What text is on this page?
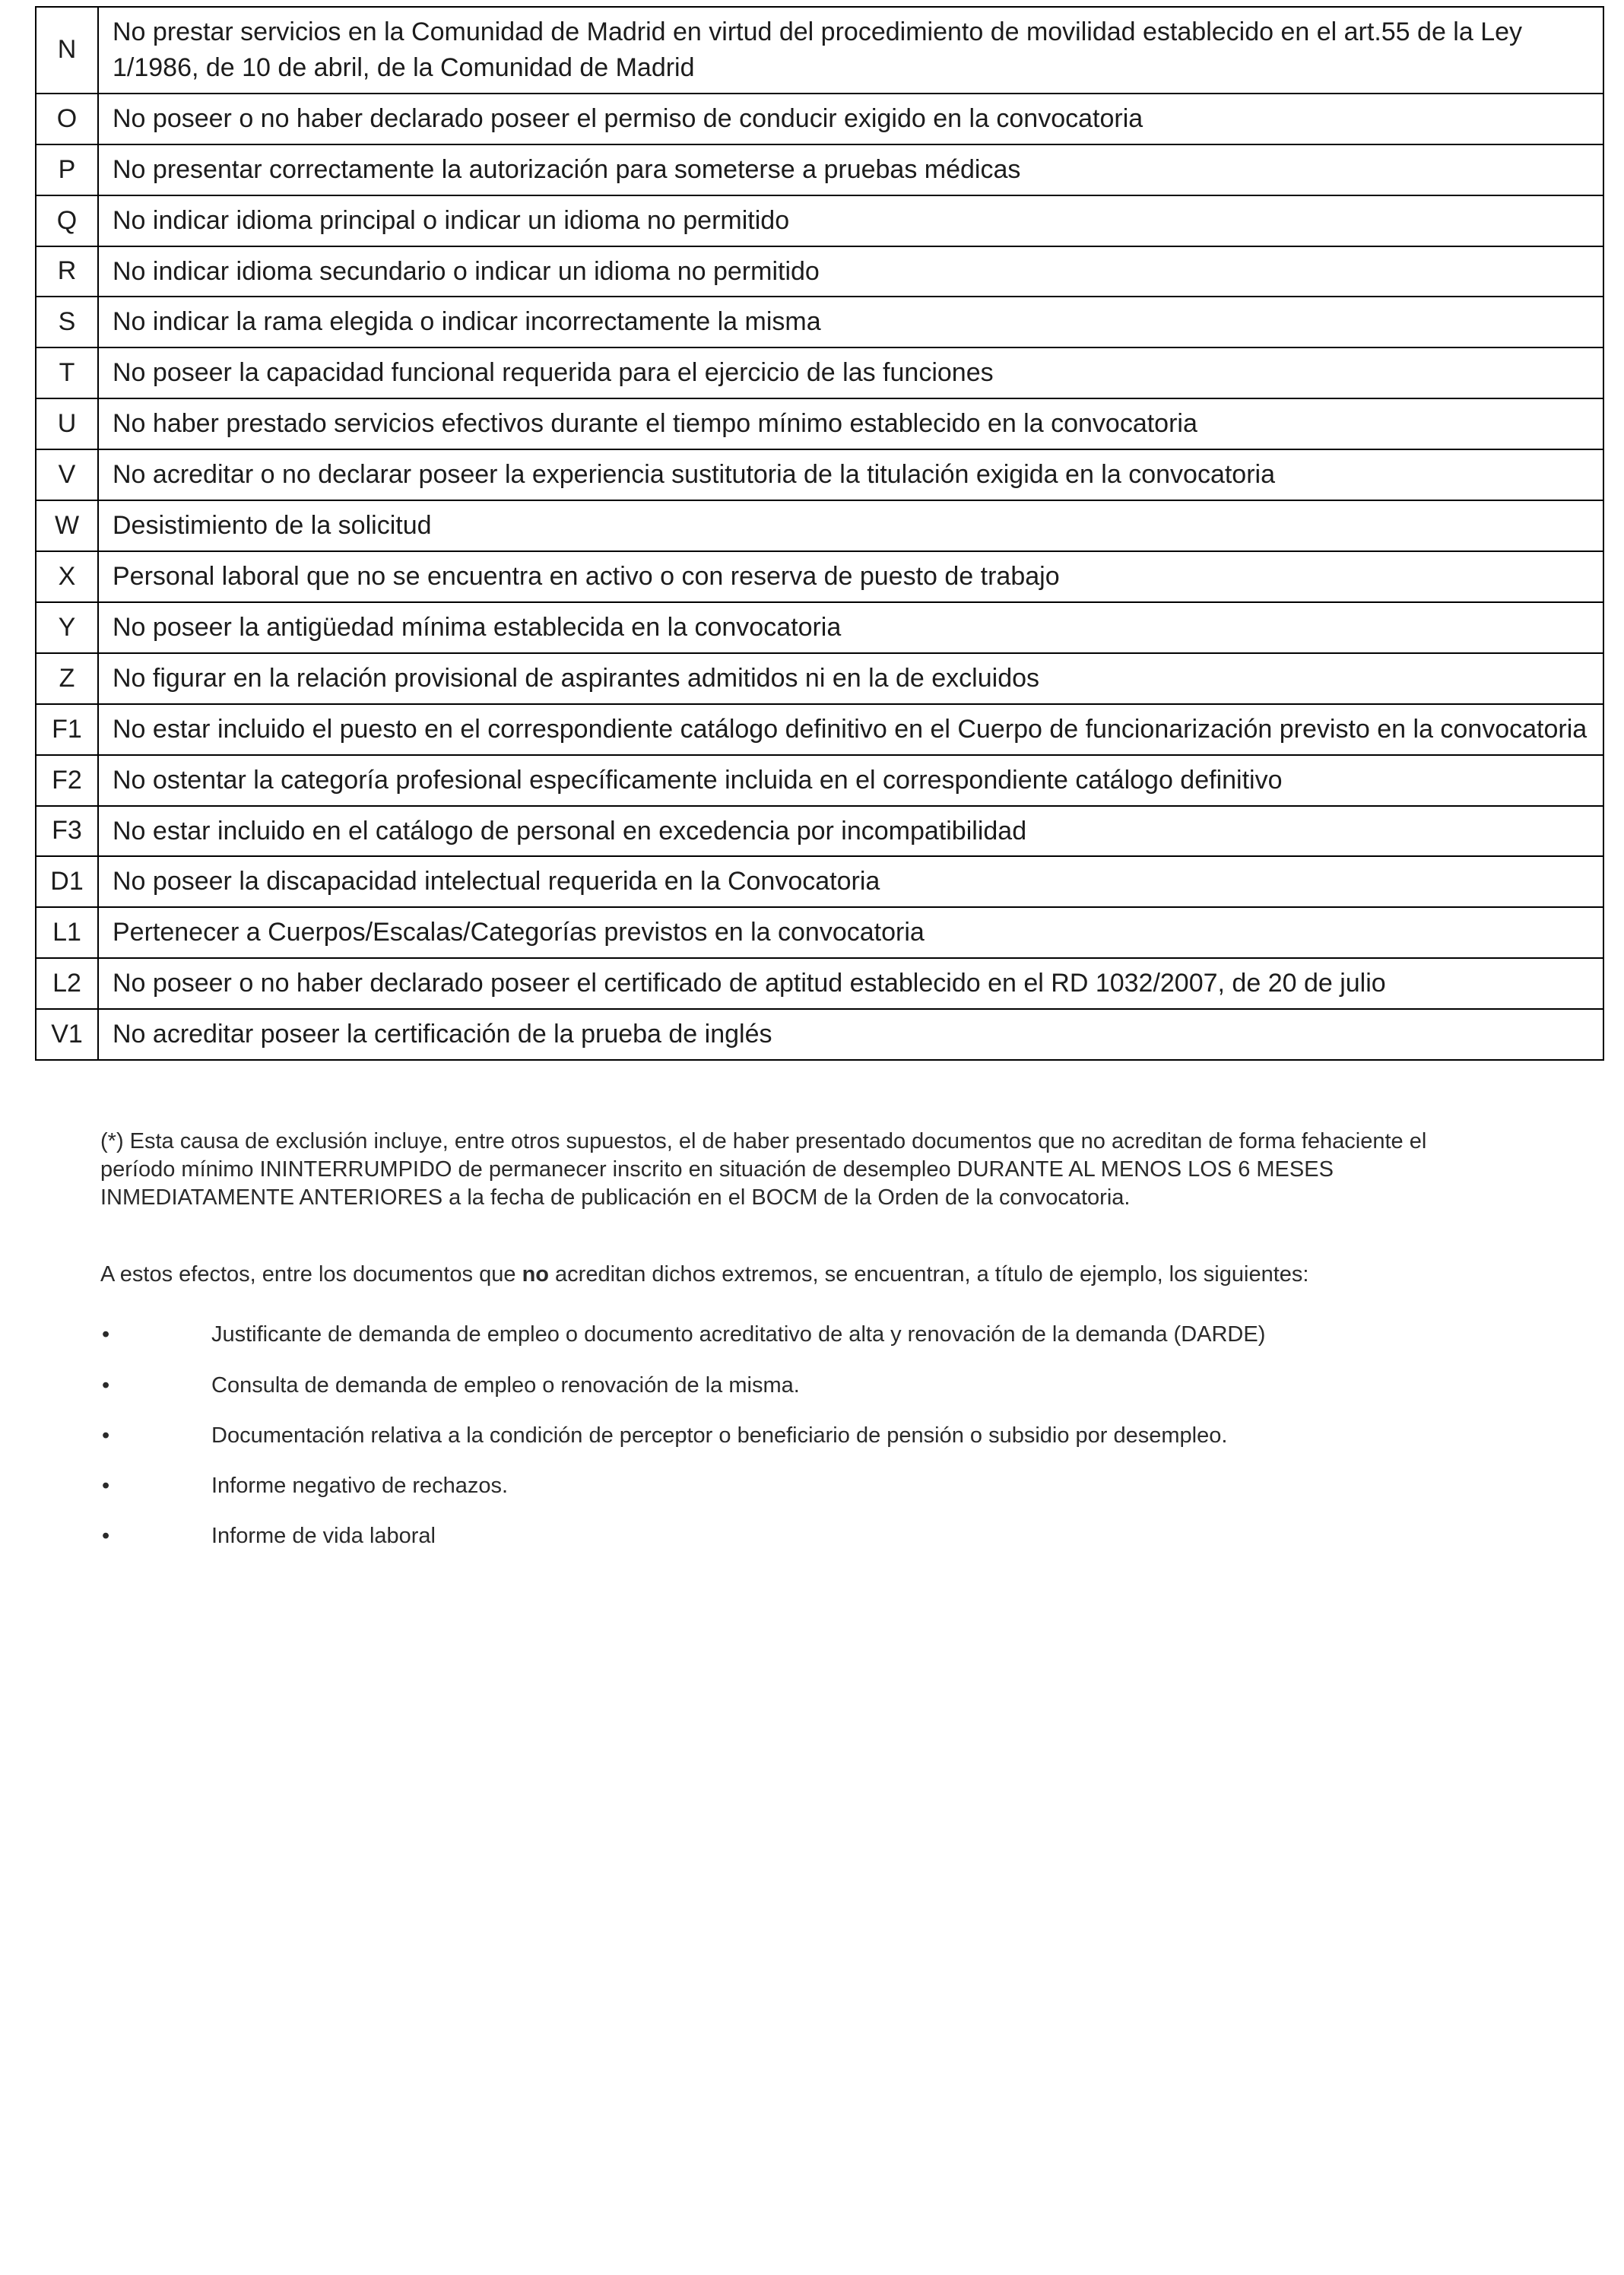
N	No prestar servicios en la Comunidad de Madrid en virtud del procedimiento de movilidad establecido en el art.55 de la Ley 1/1986, de 10 de abril, de la Comunidad de Madrid
O	No poseer o no haber declarado poseer el permiso de conducir exigido en la convocatoria
P	No presentar correctamente la autorización para someterse a pruebas médicas
Q	No indicar idioma principal o indicar un idioma no permitido
R	No indicar idioma secundario o indicar un idioma no permitido
S	No indicar la rama elegida o indicar incorrectamente la misma
T	No poseer la capacidad funcional requerida para el ejercicio de las funciones
U	No haber prestado servicios efectivos durante el tiempo mínimo establecido en la convocatoria
V	No acreditar o no declarar poseer la experiencia sustitutoria de la titulación exigida en la convocatoria
W	Desistimiento de la solicitud
X	Personal laboral que no se encuentra en activo o con reserva de puesto de trabajo
Y	No poseer la antigüedad mínima establecida en la convocatoria
Z	No figurar en la relación provisional de aspirantes admitidos ni en la de excluidos
F1	No estar incluido el puesto en el correspondiente catálogo definitivo en el Cuerpo de funcionarización previsto en la convocatoria
F2	No ostentar la categoría profesional específicamente incluida en el correspondiente catálogo definitivo
F3	No estar incluido en el catálogo de personal en excedencia por incompatibilidad
D1	No poseer la discapacidad intelectual requerida en la Convocatoria
L1	Pertenecer a Cuerpos/Escalas/Categorías previstos en la convocatoria
L2	No poseer o no haber declarado poseer el certificado de aptitud establecido en el RD 1032/2007, de 20 de julio
V1	No acreditar poseer la certificación de la prueba de inglés
(*) Esta causa de exclusión incluye, entre otros supuestos, el de haber presentado documentos que no acreditan de forma fehaciente el período mínimo ININTERRUMPIDO de permanecer inscrito en situación de desempleo DURANTE AL MENOS LOS 6 MESES INMEDIATAMENTE ANTERIORES a la fecha de publicación en el BOCM de la Orden de la convocatoria.
A estos efectos, entre los documentos que no acreditan dichos extremos, se encuentran, a título de ejemplo, los siguientes:
•	Justificante de demanda de empleo o documento acreditativo de alta y renovación de la demanda (DARDE)
•	Consulta de demanda de empleo o renovación de la misma.
•	Documentación relativa a la condición de perceptor o beneficiario de pensión o subsidio por desempleo.
•	Informe negativo de rechazos.
•	Informe de vida laboral
